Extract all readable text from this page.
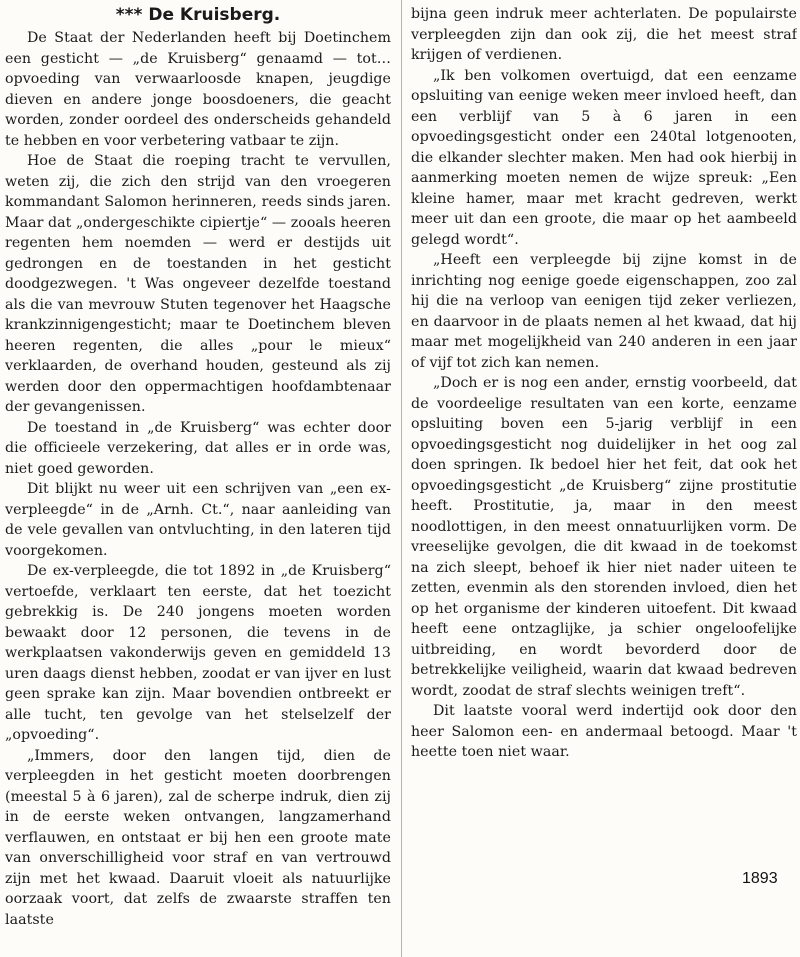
*** De Kruisberg.

De Staat der Nederlanden heeft bij Doetinchem een gesticht — „de Kruisberg“ genaamd — tot… opvoeding van verwaarloosde knapen, jeugdige dieven en andere jonge boosdoeners, die geacht worden, zonder oordeel des onderscheids gehandeld te hebben en voor verbetering vatbaar te zijn.

Hoe de Staat die roeping tracht te vervullen, weten zij, die zich den strijd van den vroegeren kommandant Salomon herinneren, reeds sinds jaren. Maar dat „ondergeschikte cipiertje“ — zooals heeren regenten hem noemden — werd er destijds uit gedrongen en de toestanden in het gesticht doodgezwegen. 't Was ongeveer dezelfde toestand als die van mevrouw Stuten tegenover het Haagsche krankzinnigengesticht; maar te Doetinchem bleven heeren regenten, die alles „pour le mieux“ verklaarden, de overhand houden, gesteund als zij werden door den oppermachtigen hoofdambtenaar der gevangenissen.

De toestand in „de Kruisberg“ was echter door die officieele verzekering, dat alles er in orde was, niet goed geworden.

Dit blijkt nu weer uit een schrijven van „een ex-verpleegde“ in de „Arnh. Ct.“, naar aanleiding van de vele gevallen van ontvluchting, in den lateren tijd voorgekomen.

De ex-verpleegde, die tot 1892 in „de Kruisberg“ vertoefde, verklaart ten eerste, dat het toezicht gebrekkig is. De 240 jongens moeten worden bewaakt door 12 personen, die tevens in de werkplaatsen vakonderwijs geven en gemiddeld 13 uren daags dienst hebben, zoodat er van ijver en lust geen sprake kan zijn. Maar bovendien ontbreekt er alle tucht, ten gevolge van het stelselzelf der „opvoeding“.

„Immers, door den langen tijd, dien de verpleegden in het gesticht moeten doorbrengen (meestal 5 à 6 jaren), zal de scherpe indruk, dien zij in de eerste weken ontvangen, langzamerhand verflauwen, en ontstaat er bij hen een groote mate van onverschilligheid voor straf en van vertrouwd zijn met het kwaad. Daaruit vloeit als natuurlijke oorzaak voort, dat zelfs de zwaarste straffen ten laatste

bijna geen indruk meer achterlaten. De populairste verpleegden zijn dan ook zij, die het meest straf krijgen of verdienen.

„Ik ben volkomen overtuigd, dat een eenzame opsluiting van eenige weken meer invloed heeft, dan een verblijf van 5 à 6 jaren in een opvoedingsgesticht onder een 240tal lotgenooten, die elkander slechter maken. Men had ook hierbij in aanmerking moeten nemen de wijze spreuk: „Een kleine hamer, maar met kracht gedreven, werkt meer uit dan een groote, die maar op het aambeeld gelegd wordt“.

„Heeft een verpleegde bij zijne komst in de inrichting nog eenige goede eigenschappen, zoo zal hij die na verloop van eenigen tijd zeker verliezen, en daarvoor in de plaats nemen al het kwaad, dat hij maar met mogelijkheid van 240 anderen in een jaar of vijf tot zich kan nemen.

„Doch er is nog een ander, ernstig voorbeeld, dat de voordeelige resultaten van een korte, eenzame opsluiting boven een 5-jarig verblijf in een opvoedingsgesticht nog duidelijker in het oog zal doen springen. Ik bedoel hier het feit, dat ook het opvoedingsgesticht „de Kruisberg“ zijne prostitutie heeft. Prostitutie, ja, maar in den meest noodlottigen, in den meest onnatuurlijken vorm. De vreeselijke gevolgen, die dit kwaad in de toekomst na zich sleept, behoef ik hier niet nader uiteen te zetten, evenmin als den storenden invloed, dien het op het organisme der kinderen uitoefent. Dit kwaad heeft eene ontzaglijke, ja schier ongeloofelijke uitbreiding, en wordt bevorderd door de betrekkelijke veiligheid, waarin dat kwaad bedreven wordt, zoodat de straf slechts weinigen treft“.

Dit laatste vooral werd indertijd ook door den heer Salomon een- en andermaal betoogd. Maar 't heette toen niet waar.

1893
